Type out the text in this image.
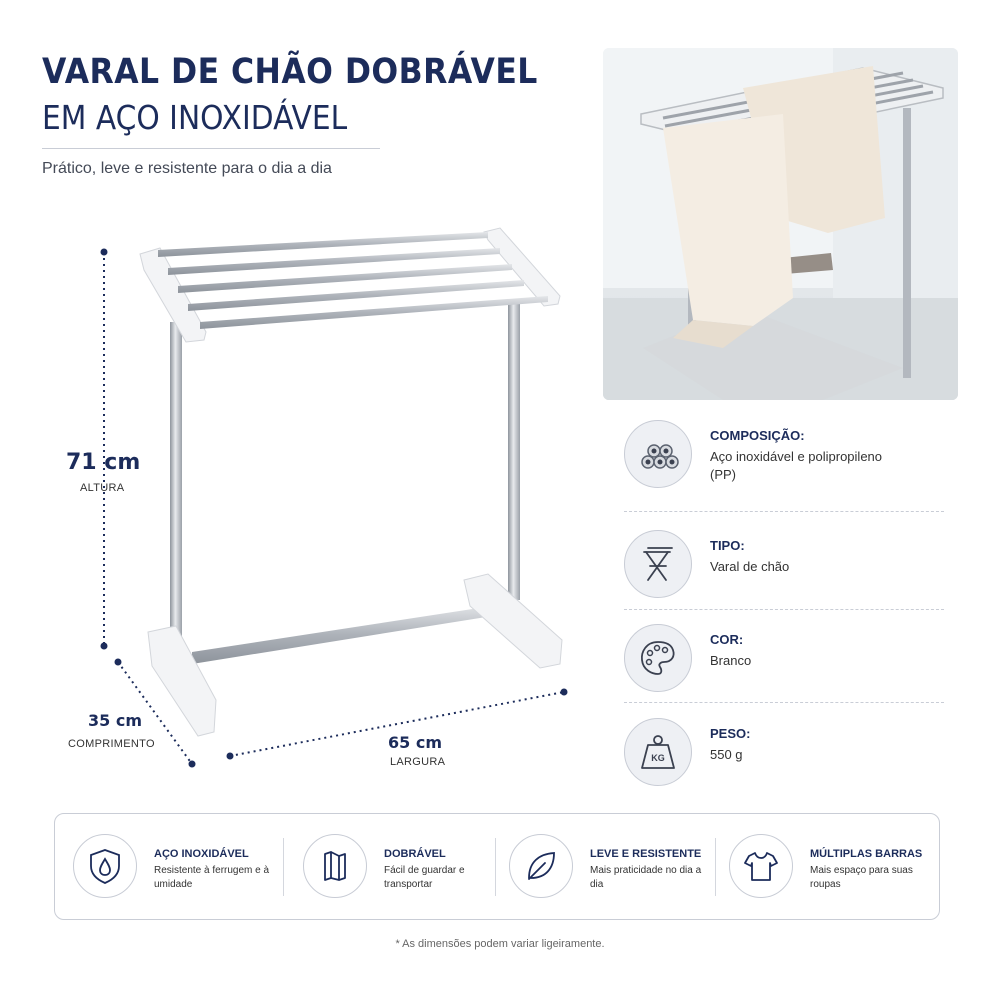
VARAL DE CHÃO DOBRÁVEL
EM AÇO INOXIDÁVEL
Prático, leve e resistente para o dia a dia
71 cm
ALTURA
35 cm
COMPRIMENTO	65 cm
LARGURA
COMPOSIÇÃO:
Aço inoxidável e polipropileno (PP)
TIPO:
Varal de chão
COR:
Branco
KG
PESO:
550 g
AÇO INOXIDÁVEL
Resistente à ferrugem e à umidade
DOBRÁVEL
Fácil de guardar e transportar
LEVE E RESISTENTE
Mais praticidade no dia a dia
MÚLTIPLAS BARRAS
Mais espaço para suas roupas
* As dimensões podem variar ligeiramente.
